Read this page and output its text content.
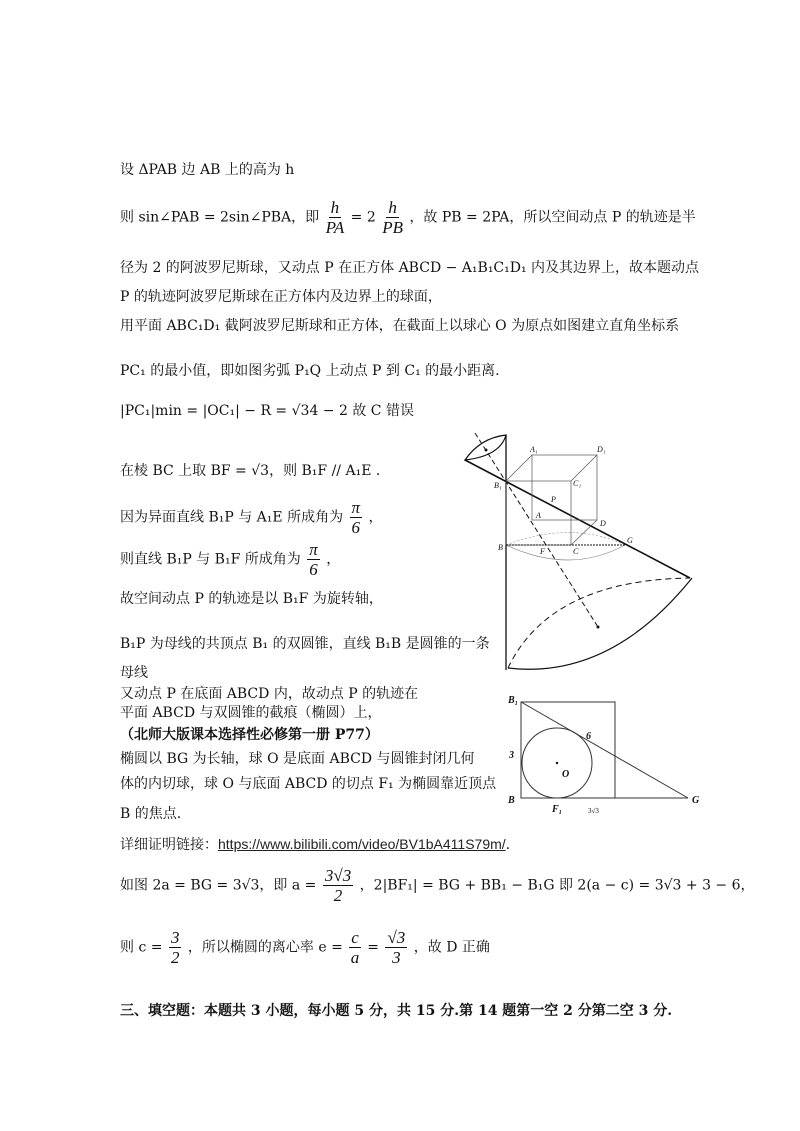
设 ΔPAB 边 AB 上的高为 h
则 sin∠PAB = 2sin∠PBA，即 $\frac{h}{PA} = 2 \frac{h}{PB}$ ，故 PB = 2PA，所以空间动点 P 的轨迹是半
径为 2 的阿波罗尼斯球，又动点 P 在正方体 ABCD − A₁B₁C₁D₁ 内及其边界上，故本题动点
P 的轨迹阿波罗尼斯球在正方体内及边界上的球面，
用平面 ABC₁D₁ 截阿波罗尼斯球和正方体，在截面上以球心 O 为原点如图建立直角坐标系
PC₁ 的最小值，即如图劣弧 P₁Q 上动点 P 到 C₁ 的最小距离.
|PC₁|min = |OC₁| − R = √34 − 2 故 C 错误
在棱 BC 上取 BF = √3，则 B₁F // A₁E .
因为异面直线 B₁P 与 A₁E 所成角为 $\frac{\pi}{6}$ ，
则直线 B₁P 与 B₁F 所成角为 $\frac{\pi}{6}$ ，
故空间动点 P 的轨迹是以 B₁F 为旋转轴，
B₁P 为母线的共顶点 B₁ 的双圆锥，直线 B₁B 是圆锥的一条
母线
又动点 P 在底面 ABCD 内，故动点 P 的轨迹在
平面 ABCD 与双圆锥的截痕（椭圆）上，
（北师大版课本选择性必修第一册 P77）
椭圆以 BG 为长轴，球 O 是底面 ABCD 与圆锥封闭几何
体的内切球，球 O 与底面 ABCD 的切点 F₁ 为椭圆靠近顶点
B 的焦点.
详细证明链接：https://www.bilibili.com/video/BV1bA411S79m/.
如图 2a = BG = 3√3，即 $a = \frac{3√3}{2}$ ，2|BF₁| = BG + BB₁ − B₁G 即 2(a − c) = 3√3 + 3 − 6，
则 $c = \frac{3}{2}$ ，所以椭圆的离心率 $e = \frac{c}{a} = \frac{√3}{3}$ ，故 D 正确
三、填空题：本题共 3 小题，每小题 5 分，共 15 分.第 14 题第一空 2 分第二空 3 分.
A₁	D₁
B₁	C₁
P
A
D
B	F	C
G
B₁
3
6
O
B
F₁	3√3
G
